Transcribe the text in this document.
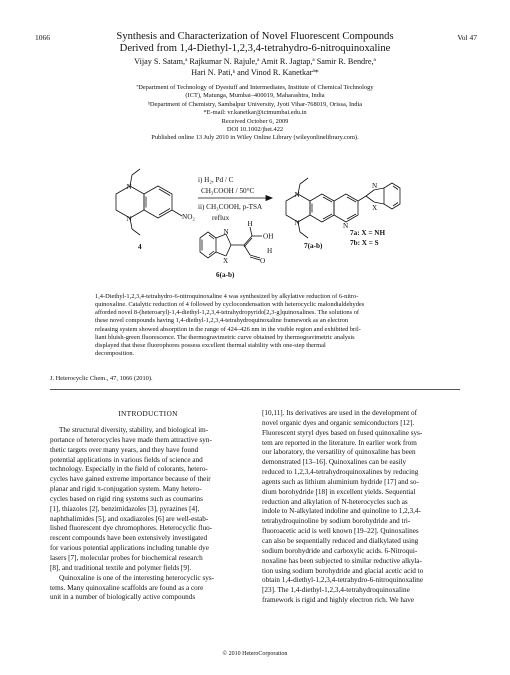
1066	Vol 47
Synthesis and Characterization of Novel Fluorescent Compounds
Derived from 1,4-Diethyl-1,2,3,4-tetrahydro-6-nitroquinoxaline
Vijay S. Satam,ª Rajkumar N. Rajule,ª Amit R. Jagtap,ª Samir R. Bendre,ª
Hari N. Pati,ᵇ and Vinod R. Kanetkarª*
ªDepartment of Technology of Dyestuff and Intermediates, Institute of Chemical Technology
(ICT), Matunga, Mumbai–400019, Maharashtra, India
ᵇDepartment of Chemistry, Sambalpur University, Jyoti Vihar-768019, Orissa, India
*E-mail: vr.kanetkar@ictmumbai.edu.in
Received October 6, 2009
DOI 10.1002/jhet.422
Published online 13 July 2010 in Wiley Online Library (wileyonlinelibrary.com).
N
N	NO₂
4
i) H₂, Pd / C
CH₃COOH / 50°C
ii) CH₃COOH, p-TSA
reflux
N
X
H
OH
O
H
6(a-b)
N
N	N
N
X
7(a-b)
7a: X = NH
7b: X = S
1,4-Diethyl-1,2,3,4-tetrahydro-6-nitroquinoxaline 4 was synthesized by alkylative reduction of 6-nitro-
quinoxaline. Catalytic reduction of 4 followed by cyclocondensation with heterocyclic malondialdehydes
afforded novel 8-(heteroaryl)-1,4-diethyl-1,2,3,4-tetrahydropyrido[2,3-g]quinoxalines. The solutions of
these novel compounds having 1,4-diethyl-1,2,3,4-tetrahydroquinoxaline framework as an electron
releasing system showed absorption in the range of 424–426 nm in the visible region and exhibited bril-
liant bluish-green fluorescence. The thermogravimetric curve obtained by thermogravimetric analysis
displayed that these fluorophores possess excellent thermal stability with one-step thermal
decomposition.
J. Heterocyclic Chem., 47, 1066 (2010).
INTRODUCTION
The structural diversity, stability, and biological im-
portance of heterocycles have made them attractive syn-
thetic targets over many years, and they have found
potential applications in various fields of science and
technology. Especially in the field of colorants, hetero-
cycles have gained extreme importance because of their
planar and rigid π-conjugation system. Many hetero-
cycles based on rigid ring systems such as coumarins
[1], thiazoles [2], benzimidazoles [3], pyrazines [4],
naphthalimides [5], and oxadiazoles [6] are well-estab-
lished fluorescent dye chromophores. Heterocyclic fluo-
rescent compounds have been extensively investigated
for various potential applications including tunable dye
lasers [7], molecular probes for biochemical research
[8], and traditional textile and polymer fields [9].
Quinoxaline is one of the interesting heterocyclic sys-
tems. Many quinoxaline scaffolds are found as a core
unit in a number of biologically active compounds
[10,11]. Its derivatives are used in the development of
novel organic dyes and organic semiconductors [12].
Fluorescent styryl dyes based on fused quinoxaline sys-
tem are reported in the literature. In earlier work from
our laboratory, the versatility of quinoxaline has been
demonstrated [13–16]. Quinoxalines can be easily
reduced to 1,2,3,4-tetrahydroquinoxalines by reducing
agents such as lithium aluminium hydride [17] and so-
dium borohydride [18] in excellent yields. Sequential
reduction and alkylation of N-heterocycles such as
indole to N-alkylated indoline and quinoline to 1,2,3,4-
tetrahydroquinoline by sodium borohydride and tri-
fluoroacetic acid is well known [19–22]. Quinoxalines
can also be sequentially reduced and dialkylated using
sodium borohydride and carboxylic acids. 6-Nitroqui-
noxaline has been subjected to similar reductive alkyla-
tion using sodium borohydride and glacial acetic acid to
obtain 1,4-diethyl-1,2,3,4-tetrahydro-6-nitroquinoxaline
[23]. The 1,4-diethyl-1,2,3,4-tetrahydroquinoxaline
framework is rigid and highly electron rich. We have
© 2010 HeteroCorporation
